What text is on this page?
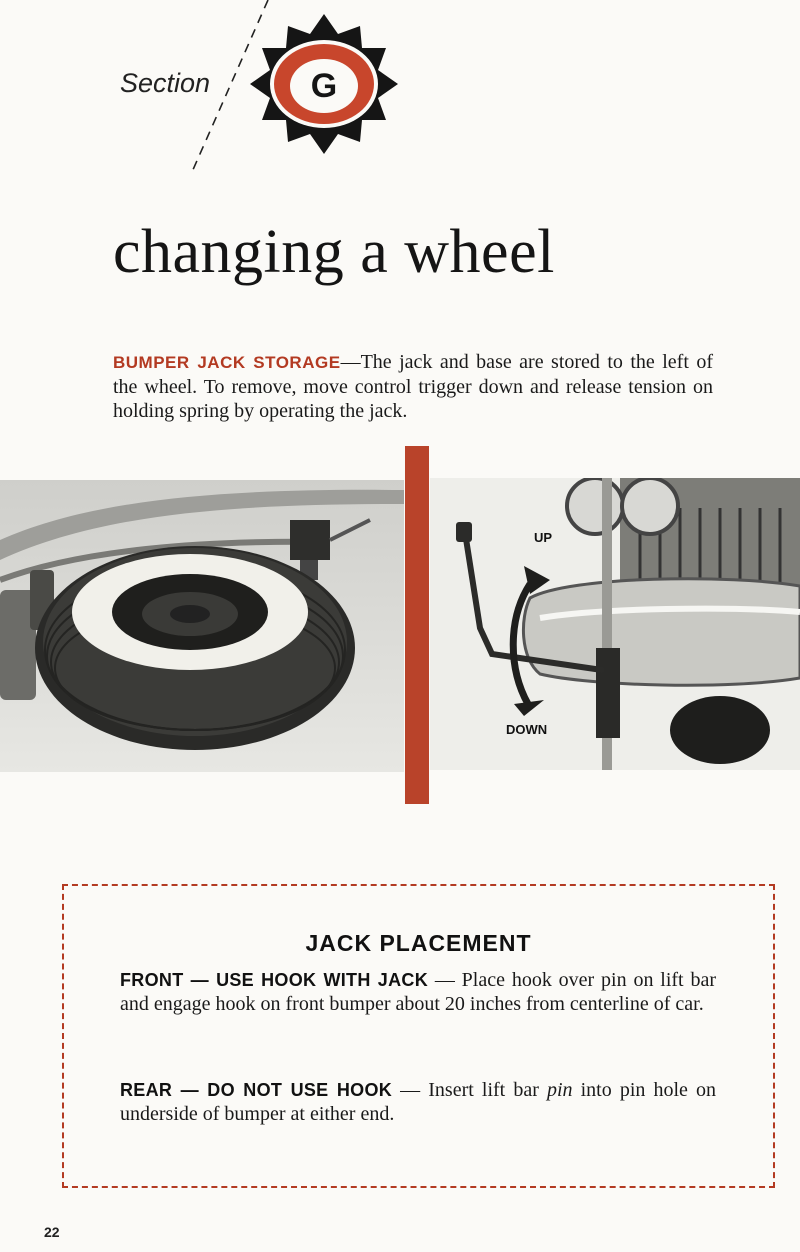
Section	G
changing a wheel
BUMPER JACK STORAGE—The jack and base are stored to the left of the wheel. To remove, move control trigger down and release tension on holding spring by operating the jack.
UP
DOWN
JACK PLACEMENT
FRONT — USE HOOK WITH JACK — Place hook over pin on lift bar and engage hook on front bumper about 20 inches from centerline of car.
REAR — DO NOT USE HOOK — Insert lift bar pin into pin hole on underside of bumper at either end.
22
